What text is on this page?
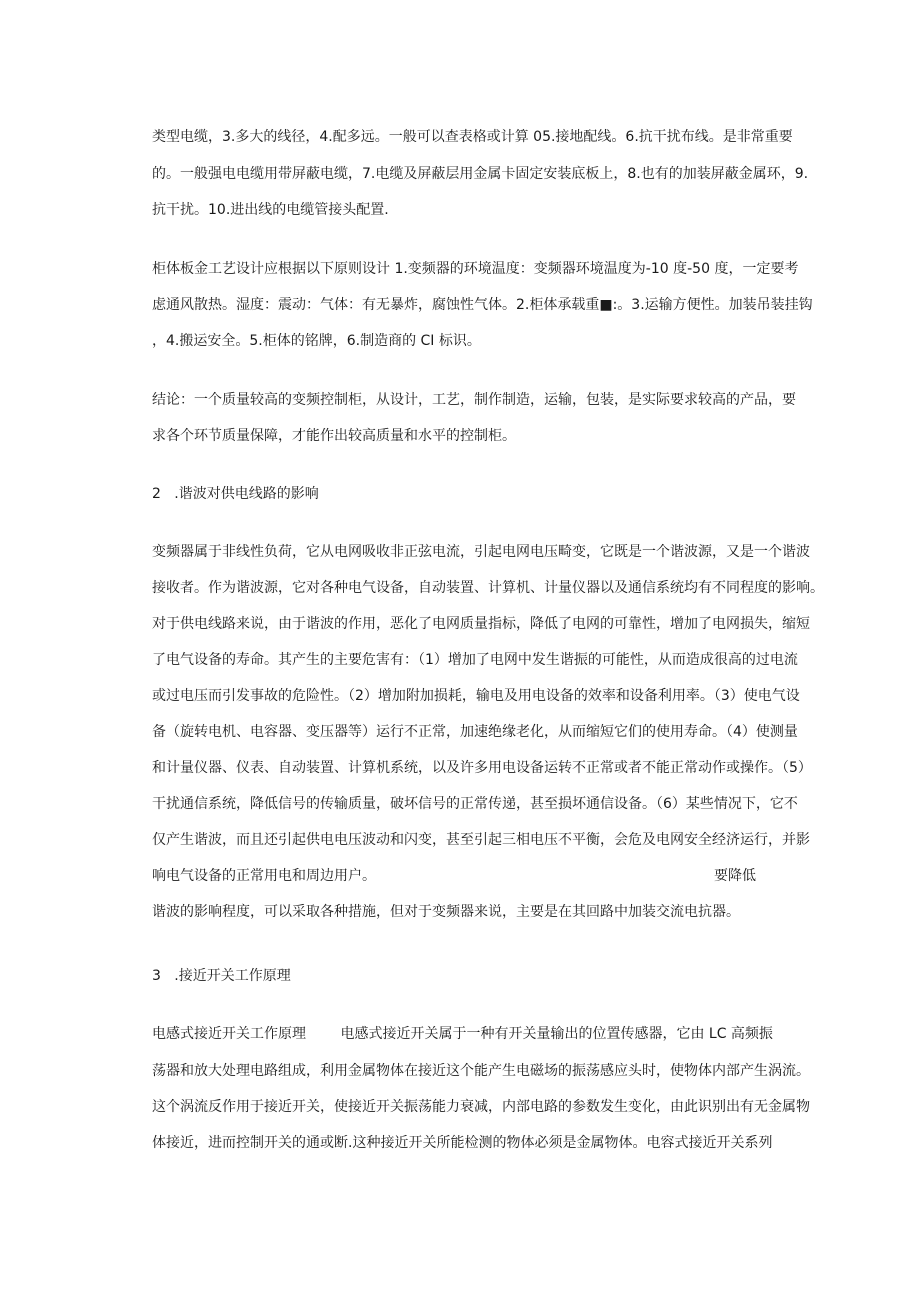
类型电缆，3.多大的线径，4.配多远。一般可以查表格或计算 05.接地配线。6.抗干扰布线。是非常重要
的。一般强电电缆用带屏蔽电缆，7.电缆及屏蔽层用金属卡固定安装底板上，8.也有的加装屏蔽金属环，9.
抗干扰。10.进出线的电缆管接头配置.
柜体板金工艺设计应根据以下原则设计 1.变频器的环境温度：变频器环境温度为-10 度-50 度，一定要考
虑通风散热。湿度：震动：气体：有无暴炸，腐蚀性气体。2.柜体承载重■:。3.运输方便性。加装吊装挂钩
，4.搬运安全。5.柜体的铭牌，6.制造商的 CI 标识。
结论：一个质量较高的变频控制柜，从设计，工艺，制作制造，运输，包装，是实际要求较高的产品，要
求各个环节质量保障，才能作出较高质量和水平的控制柜。
2   .谐波对供电线路的影响
变频器属于非线性负荷，它从电网吸收非正弦电流，引起电网电压畸变，它既是一个谐波源，又是一个谐波
接收者。作为谐波源，它对各种电气设备，自动装置、计算机、计量仪器以及通信系统均有不同程度的影响。
对于供电线路来说，由于谐波的作用，恶化了电网质量指标，降低了电网的可靠性，增加了电网损失，缩短
了电气设备的寿命。其产生的主要危害有：（1）增加了电网中发生谐振的可能性，从而造成很高的过电流
或过电压而引发事故的危险性。（2）增加附加损耗，输电及用电设备的效率和设备利用率。（3）使电气设
备（旋转电机、电容器、变压器等）运行不正常，加速绝缘老化，从而缩短它们的使用寿命。（4）使测量
和计量仪器、仪表、自动装置、计算机系统，以及许多用电设备运转不正常或者不能正常动作或操作。（5）
干扰通信系统，降低信号的传输质量，破坏信号的正常传递，甚至损坏通信设备。（6）某些情况下，它不
仅产生谐波，而且还引起供电电压波动和闪变，甚至引起三相电压不平衡，会危及电网安全经济运行，并影
响电气设备的正常用电和周边用户。	要降低
谐波的影响程度，可以采取各种措施，但对于变频器来说，主要是在其回路中加装交流电抗器。
3   .接近开关工作原理
电感式接近开关工作原理 电感式接近开关属于一种有开关量输出的位置传感器，它由 LC 高频振
荡器和放大处理电路组成，利用金属物体在接近这个能产生电磁场的振荡感应头时，使物体内部产生涡流。
这个涡流反作用于接近开关，使接近开关振荡能力衰减，内部电路的参数发生变化，由此识别出有无金属物
体接近，进而控制开关的通或断.这种接近开关所能检测的物体必须是金属物体。电容式接近开关系列
